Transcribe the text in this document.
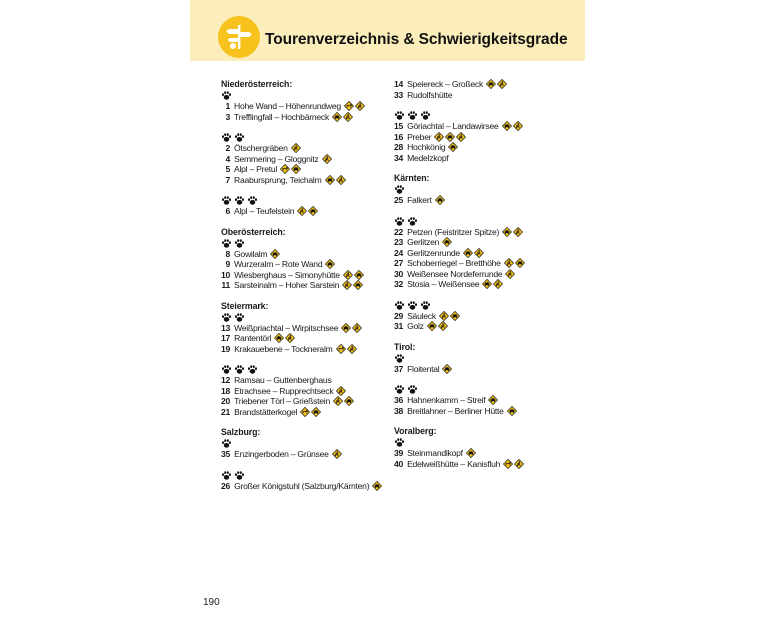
Tourenverzeichnis & Schwierigkeitsgrade
Niederösterreich:
1 Hohe Wand – Höhenrundweg
3 Trefflingfall – Hochbärneck
2 Ötschergräben
4 Semmering – Gloggnitz
5 Alpl – Pretul
7 Raabursprung, Teichalm
6 Alpl – Teufelstein
Oberösterreich:
8 Gowilalm
9 Wurzeralm – Rote Wand
10 Wiesberghaus – Simonyhütte
11 Sarsteinalm – Hoher Sarstein
Steiermark:
13 Weißpriachtal – Wirpitschsee
17 Rantentörl
19 Krakauebene – Tockneralm
12 Ramsau – Guttenberghaus
18 Etrachsee – Rupprechtseck
20 Triebener Törl – Grießstein
21 Brandstätterkogel
Salzburg:
35 Enzingerboden – Grünsee
26 Großer Königstuhl (Salzburg/Kärnten)
14 Speiereck – Großeck
33 Rudolfshütte
15 Göriachtal – Landawirsee
16 Preber
28 Hochkönig
34 Medelzkopf
Kärnten:
25 Falkert
22 Petzen (Feistritzer Spitze)
23 Gerlitzen
24 Gerlitzenrunde
27 Schoberriegel – Bretthöhe
30 Weißensee Nordeferrunde
32 Stosia – Weißensee
29 Säuleck
31 Golz
Tirol:
37 Floitental
36 Hahnenkamm – Streif
38 Breitlahner – Berliner Hütte
Voralberg:
39 Steinmandlkopf
40 Edelweißhütte – Kanisfluh
190
